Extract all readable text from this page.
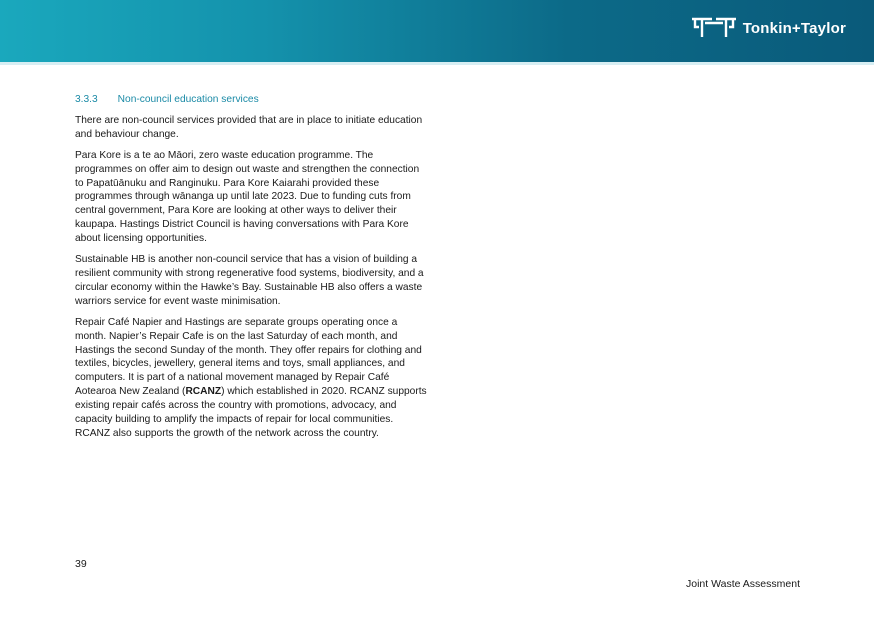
Tonkin+Taylor
3.3.3 Non-council education services

There are non-council services provided that are in place to initiate education and behaviour change.

Para Kore is a te ao Māori, zero waste education programme. The programmes on offer aim to design out waste and strengthen the connection to Papatūānuku and Ranginuku. Para Kore Kaiarahi provided these programmes through wānanga up until late 2023. Due to funding cuts from central government, Para Kore are looking at other ways to deliver their kaupapa. Hastings District Council is having conversations with Para Kore about licensing opportunities.

Sustainable HB is another non-council service that has a vision of building a resilient community with strong regenerative food systems, biodiversity, and a circular economy within the Hawke’s Bay. Sustainable HB also offers a waste warriors service for event waste minimisation.

Repair Café Napier and Hastings are separate groups operating once a month. Napier’s Repair Cafe is on the last Saturday of each month, and Hastings the second Sunday of the month. They offer repairs for clothing and textiles, bicycles, jewellery, general items and toys, small appliances, and computers. It is part of a national movement managed by Repair Café Aotearoa New Zealand (RCANZ) which established in 2020. RCANZ supports existing repair cafés across the country with promotions, advocacy, and capacity building to amplify the impacts of repair for local communities. RCANZ also supports the growth of the network across the country.

39
Joint Waste Assessment
